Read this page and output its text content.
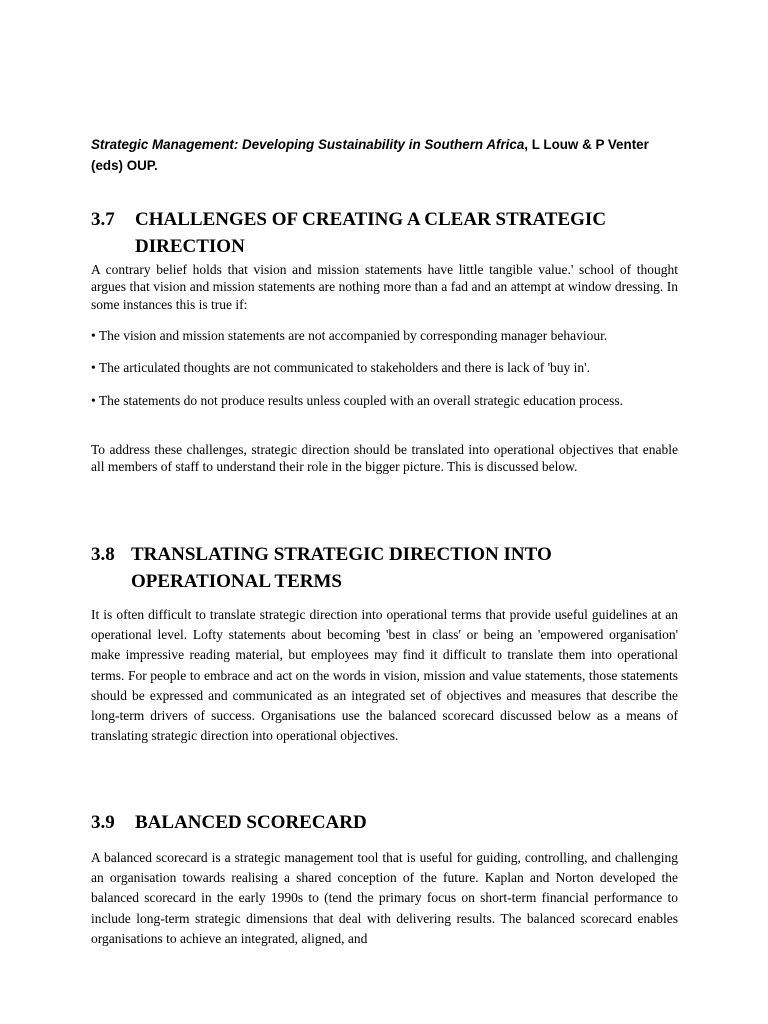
Strategic Management: Developing Sustainability in Southern Africa, L Louw & P Venter (eds) OUP.
3.7 CHALLENGES OF CREATING A CLEAR STRATEGIC DIRECTION

A contrary belief holds that vision and mission statements have little tangible value.' school of thought argues that vision and mission statements are nothing more than a fad and an attempt at window dressing. In some instances this is true if:

• The vision and mission statements are not accompanied by corresponding manager behaviour.

• The articulated thoughts are not communicated to stakeholders and there is lack of 'buy in'.

• The statements do not produce results unless coupled with an overall strategic education process.

To address these challenges, strategic direction should be translated into operational objectives that enable all members of staff to understand their role in the bigger picture. This is discussed below.

3.8 TRANSLATING STRATEGIC DIRECTION INTO OPERATIONAL TERMS

It is often difficult to translate strategic direction into operational terms that provide useful guidelines at an operational level. Lofty statements about becoming 'best in class' or being an 'empowered organisation' make impressive reading material, but employees may find it difficult to translate them into operational terms. For people to embrace and act on the words in vision, mission and value statements, those statements should be expressed and communicated as an integrated set of objectives and measures that describe the long-term drivers of success. Organisations use the balanced scorecard discussed below as a means of translating strategic direction into operational objectives.

3.9 BALANCED SCORECARD

A balanced scorecard is a strategic management tool that is useful for guiding, controlling, and challenging an organisation towards realising a shared conception of the future. Kaplan and Norton developed the balanced scorecard in the early 1990s to (tend the primary focus on short-term financial performance to include long-term strategic dimensions that deal with delivering results. The balanced scorecard enables organisations to achieve an integrated, aligned, and
